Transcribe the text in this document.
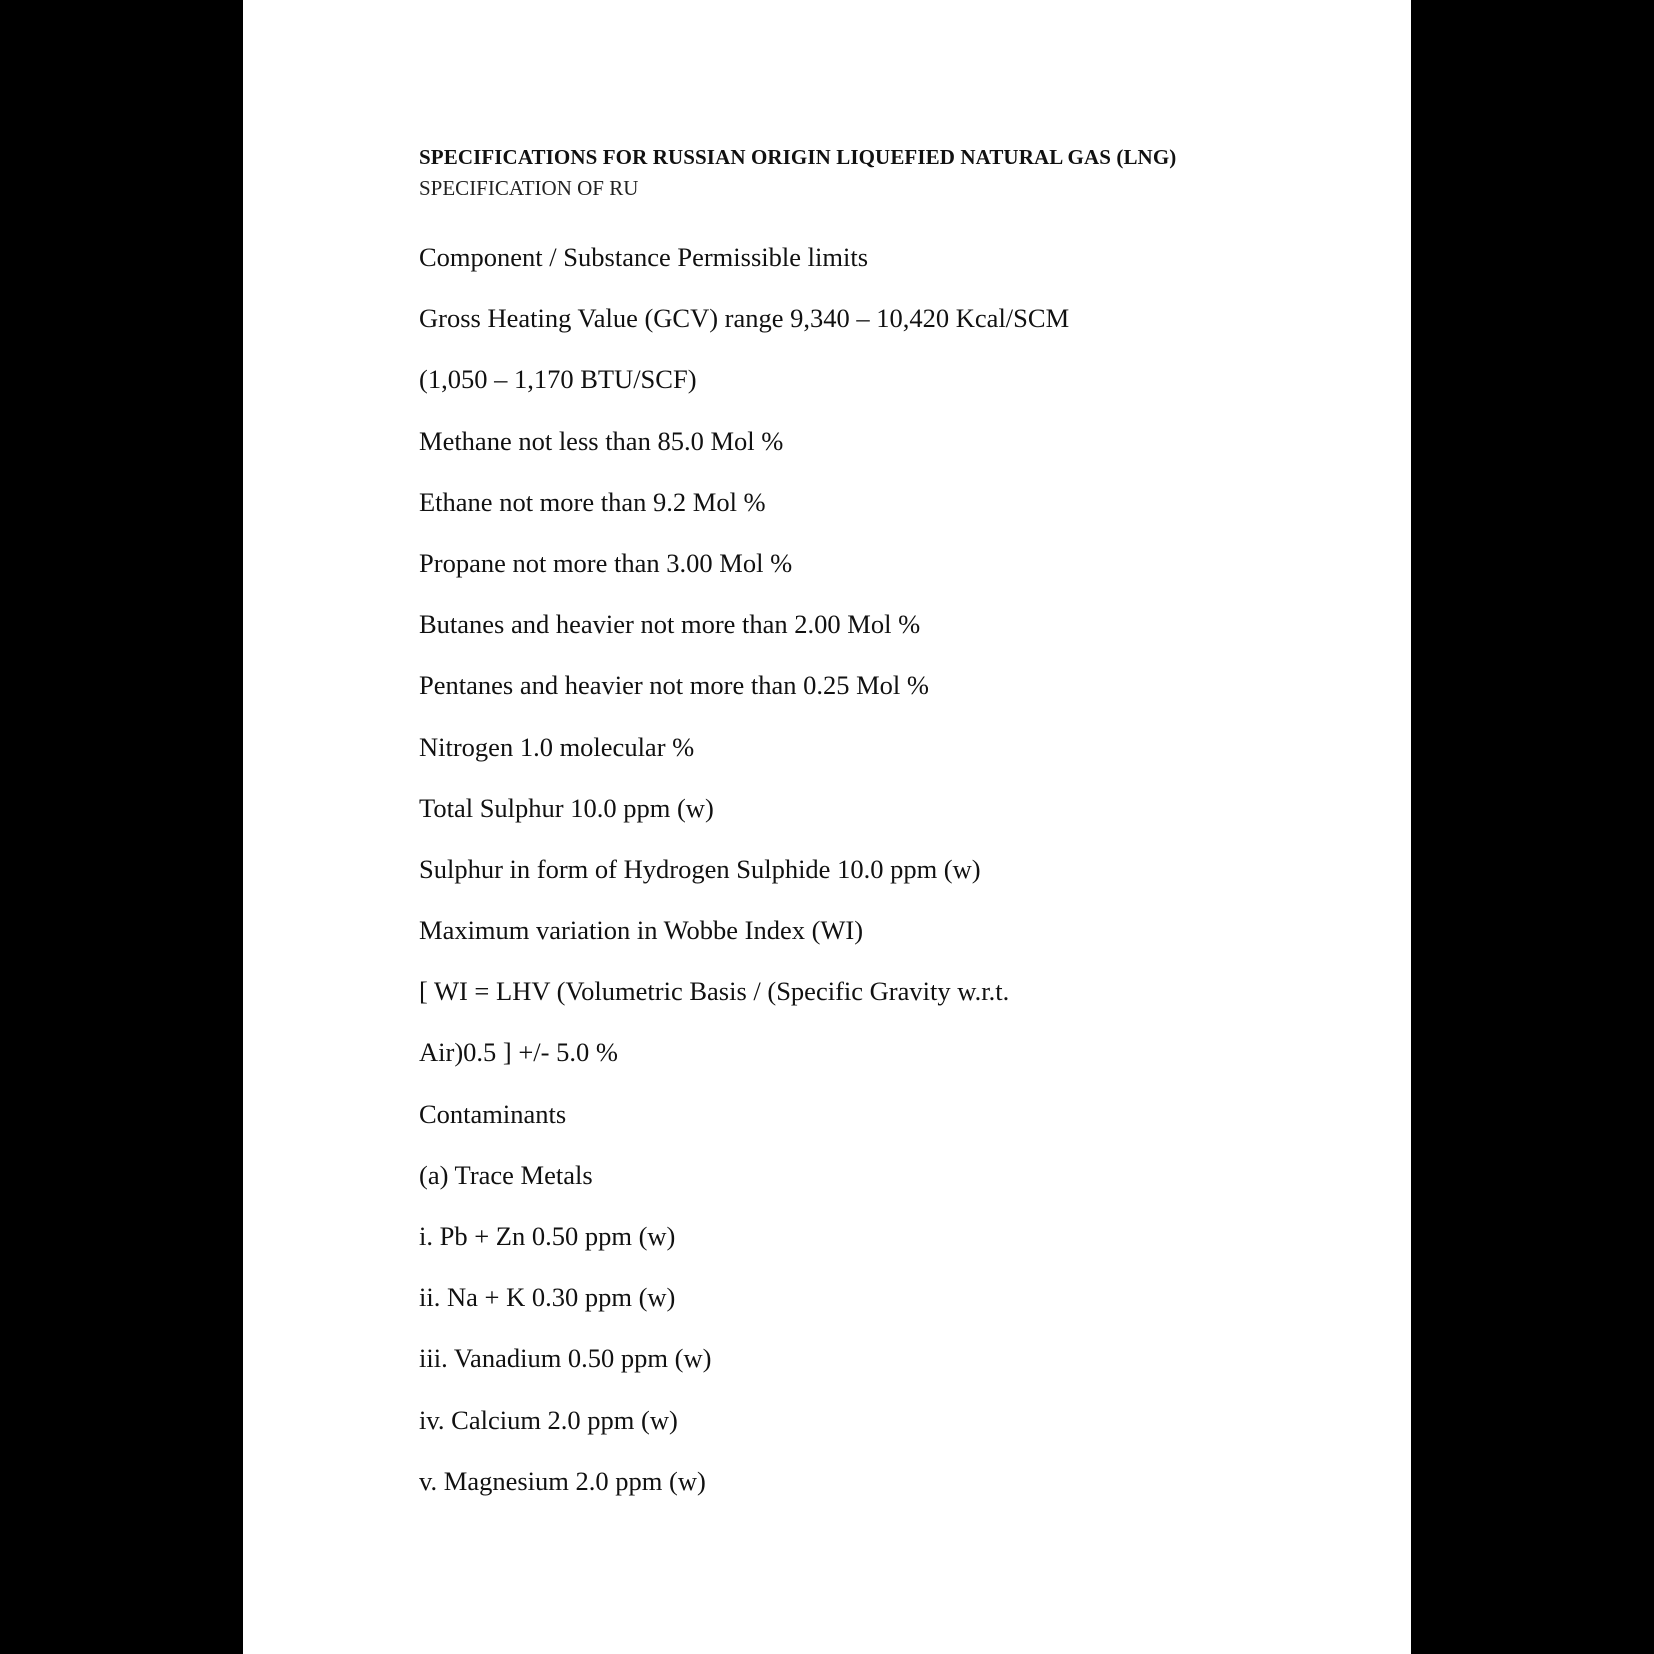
SPECIFICATIONS FOR RUSSIAN ORIGIN LIQUEFIED NATURAL GAS (LNG)

SPECIFICATION OF RU

Component / Substance Permissible limits
Gross Heating Value (GCV) range 9,340 – 10,420 Kcal/SCM
(1,050 – 1,170 BTU/SCF)
Methane not less than 85.0 Mol %
Ethane not more than 9.2 Mol %
Propane not more than 3.00 Mol %
Butanes and heavier not more than 2.00 Mol %
Pentanes and heavier not more than 0.25 Mol %
Nitrogen 1.0 molecular %
Total Sulphur 10.0 ppm (w)
Sulphur in form of Hydrogen Sulphide 10.0 ppm (w)
Maximum variation in Wobbe Index (WI)
[ WI = LHV (Volumetric Basis / (Specific Gravity w.r.t.
Air)0.5 ] +/- 5.0 %
Contaminants
(a) Trace Metals
i. Pb + Zn 0.50 ppm (w)
ii. Na + K 0.30 ppm (w)
iii. Vanadium 0.50 ppm (w)
iv. Calcium 2.0 ppm (w)
v. Magnesium 2.0 ppm (w)
